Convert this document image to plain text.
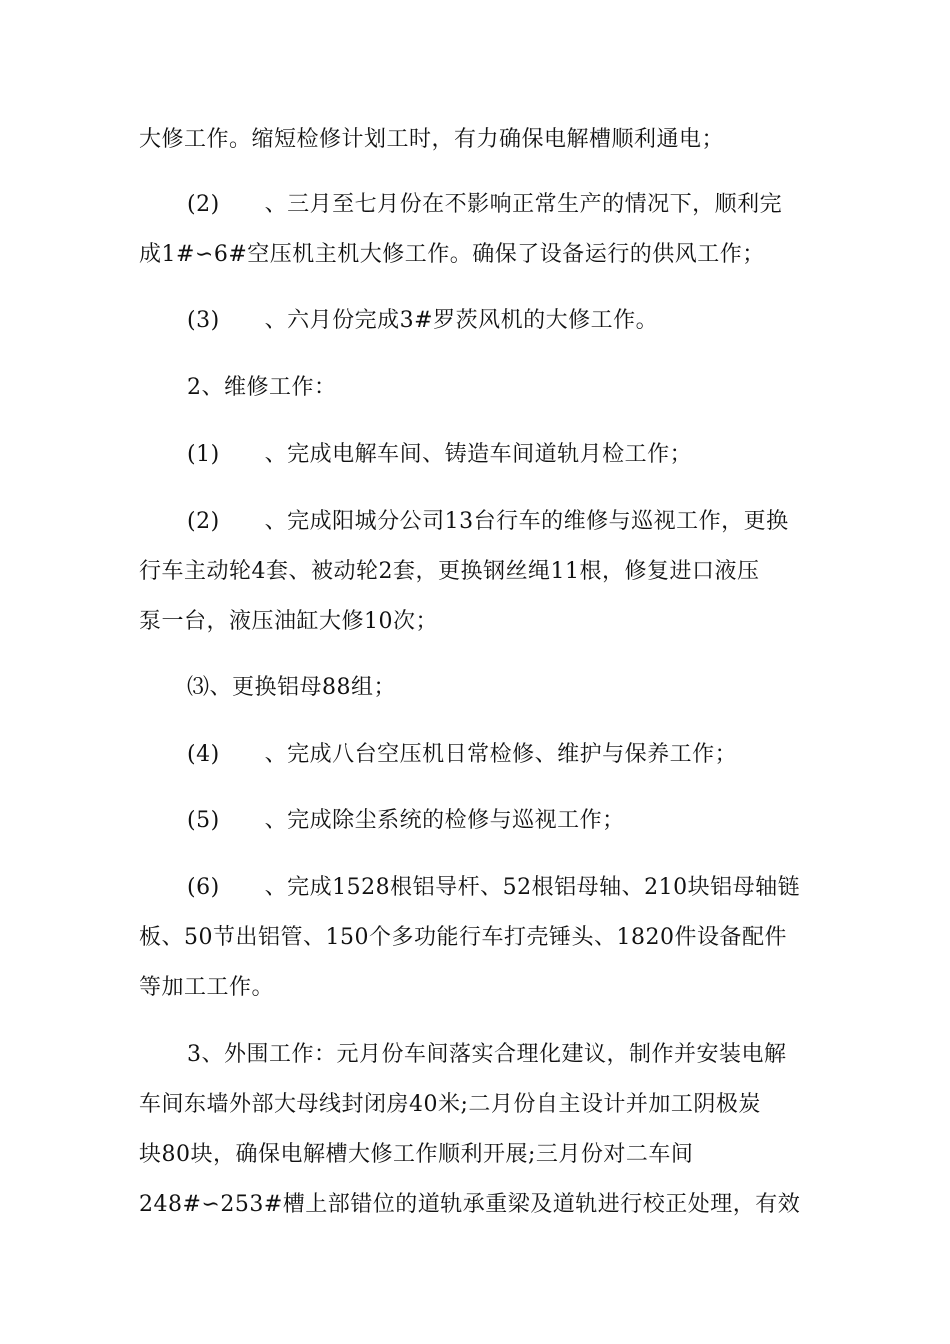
大修工作。缩短检修计划工时，有力确保电解槽顺利通电；
(2)　　、三月至七月份在不影响正常生产的情况下，顺利完
成1#∽6#空压机主机大修工作。确保了设备运行的供风工作；
(3)　　、六月份完成3#罗茨风机的大修工作。
2、维修工作：
(1)　　、完成电解车间、铸造车间道轨月检工作；
(2)　　、完成阳城分公司13台行车的维修与巡视工作，更换
行车主动轮4套、被动轮2套，更换钢丝绳11根，修复进口液压
泵一台，液压油缸大修10次；
⑶、更换铝母88组；
(4)　　、完成八台空压机日常检修、维护与保养工作；
(5)　　、完成除尘系统的检修与巡视工作；
(6)　　、完成1528根铝导杆、52根铝母轴、210块铝母轴链
板、50节出铝管、150个多功能行车打壳锤头、1820件设备配件
等加工工作。
3、外围工作：元月份车间落实合理化建议，制作并安装电解
车间东墙外部大母线封闭房40米;二月份自主设计并加工阴极炭
块80块，确保电解槽大修工作顺利开展;三月份对二车间
248#∽253#槽上部错位的道轨承重梁及道轨进行校正处理，有效
